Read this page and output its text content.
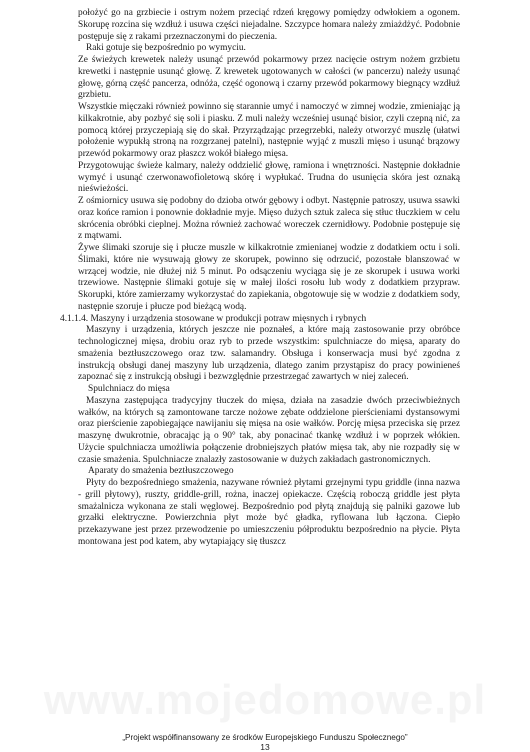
położyć go na grzbiecie i ostrym nożem przeciąć rdzeń kręgowy pomiędzy odwłokiem a ogonem. Skorupę rozcina się wzdłuż i usuwa części niejadalne. Szczypce homara należy zmiażdżyć. Podobnie postępuje się z rakami przeznaczonymi do pieczenia.

Raki gotuje się bezpośrednio po wymyciu.

Ze świeżych krewetek należy usunąć przewód pokarmowy przez nacięcie ostrym nożem grzbietu krewetki i następnie usunąć głowę. Z krewetek ugotowanych w całości (w pancerzu) należy usunąć głowę, górną część pancerza, odnóża, część ogonową i czarny przewód pokarmowy biegnący wzdłuż grzbietu.

Wszystkie mięczaki również powinno się starannie umyć i namoczyć w zimnej wodzie, zmieniając ją kilkakrotnie, aby pozbyć się soli i piasku. Z muli należy wcześniej usunąć bisior, czyli czepną nić, za pomocą której przyczepiają się do skał. Przyrządzając przegrzebki, należy otworzyć muszlę (ułatwi położenie wypukłą stroną na rozgrzanej patelni), następnie wyjąć z muszli mięso i usunąć brązowy przewód pokarmowy oraz płaszcz wokół białego mięsa.

Przygotowując świeże kalmary, należy oddzielić głowę, ramiona i wnętrzności. Następnie dokładnie wymyć i usunąć czerwonawofioletową skórę i wypłukać. Trudna do usunięcia skóra jest oznaką nieświeżości.

Z ośmiornicy usuwa się podobny do dzioba otwór gębowy i odbyt. Następnie patroszy, usuwa ssawki oraz końce ramion i ponownie dokładnie myje. Mięso dużych sztuk zaleca się stłuc tłuczkiem w celu skrócenia obróbki cieplnej. Można również zachować woreczek czernidłowy. Podobnie postępuje się z mątwami.

Żywe ślimaki szoruje się i płucze muszle w kilkakrotnie zmienianej wodzie z dodatkiem octu i soli. Ślimaki, które nie wysuwają głowy ze skorupek, powinno się odrzucić, pozostałe blanszować w wrzącej wodzie, nie dłużej niż 5 minut. Po odsączeniu wyciąga się je ze skorupek i usuwa worki trzewiowe. Następnie ślimaki gotuje się w małej ilości rosołu lub wody z dodatkiem przypraw. Skorupki, które zamierzamy wykorzystać do zapiekania, obgotowuje się w wodzie z dodatkiem sody, następnie szoruje i płucze pod bieżącą wodą.

4.1.1.4. Maszyny i urządzenia stosowane w produkcji potraw mięsnych i rybnych

Maszyny i urządzenia, których jeszcze nie poznałeś, a które mają zastosowanie przy obróbce technologicznej mięsa, drobiu oraz ryb to przede wszystkim: spulchniacze do mięsa, aparaty do smażenia beztłuszczowego oraz tzw. salamandry. Obsługa i konserwacja musi być zgodna z instrukcją obsługi danej maszyny lub urządzenia, dlatego zanim przystąpisz do pracy powinieneś zapoznać się z instrukcją obsługi i bezwzględnie przestrzegać zawartych w niej zaleceń.

Spulchniacz do mięsa

Maszyna zastępująca tradycyjny tłuczek do mięsa, działa na zasadzie dwóch przeciwbieżnych wałków, na których są zamontowane tarcze nożowe zębate oddzielone pierścieniami dystansowymi oraz pierścienie zapobiegające nawijaniu się mięsa na osie wałków. Porcję mięsa przeciska się przez maszynę dwukrotnie, obracając ją o 90° tak, aby ponacinać tkankę wzdłuż i w poprzek włókien. Użycie spulchniacza umożliwia połączenie drobniejszych płatów mięsa tak, aby nie rozpadły się w czasie smażenia. Spulchniacze znalazły zastosowanie w dużych zakładach gastronomicznych.

Aparaty do smażenia beztłuszczowego

Płyty do bezpośredniego smażenia, nazywane również płytami grzejnymi typu griddle (inna nazwa - grill płytowy), ruszty, griddle-grill, rożna, inaczej opiekacze. Częścią roboczą griddle jest płyta smażalnicza wykonana ze stali węglowej. Bezpośrednio pod płytą znajdują się palniki gazowe lub grzałki elektryczne. Powierzchnia płyt może być gładka, ryflowana lub łączona. Ciepło przekazywane jest przez przewodzenie po umieszczeniu półproduktu bezpośrednio na płycie. Płyta montowana jest pod katem, aby wytapiający się tłuszcz

„Projekt współfinansowany ze środków Europejskiego Funduszu Społecznego”
13
